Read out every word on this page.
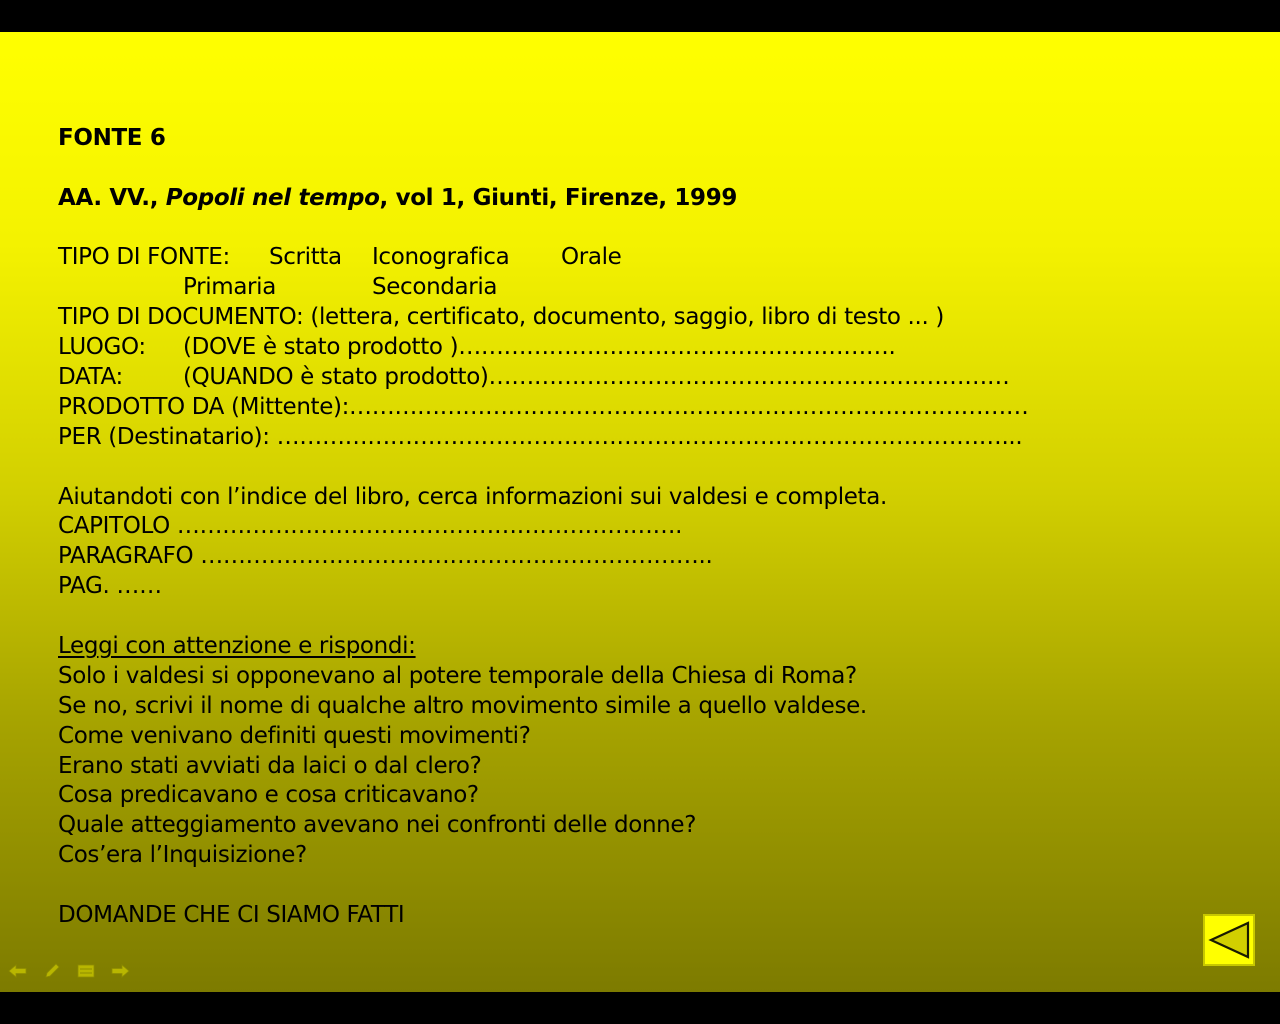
FONTE 6

AA. VV., Popoli nel tempo, vol 1, Giunti, Firenze, 1999

TIPO DI FONTE: Scritta Iconografica Orale
Primaria	Secondaria
TIPO DI DOCUMENTO: (lettera, certificato, documento, saggio, libro di testo ... )
LUOGO: (DOVE è stato prodotto )………………………………………………….
DATA:	(QUANDO è stato prodotto)……………………………………………………………
PRODOTTO DA (Mittente):………………………………………………………………………………
PER (Destinatario): ……………………………………………………………………………………...

Aiutandoti con l’indice del libro, cerca informazioni sui valdesi e completa.
CAPITOLO ………………………………………………………….
PARAGRAFO …………………………………………………………..
PAG. ……

Leggi con attenzione e rispondi:
Solo i valdesi si opponevano al potere temporale della Chiesa di Roma?
Se no, scrivi il nome di qualche altro movimento simile a quello valdese.
Come venivano definiti questi movimenti?
Erano stati avviati da laici o dal clero?
Cosa predicavano e cosa criticavano?
Quale atteggiamento avevano nei confronti delle donne?
Cos’era l’Inquisizione?

DOMANDE CHE CI SIAMO FATTI
